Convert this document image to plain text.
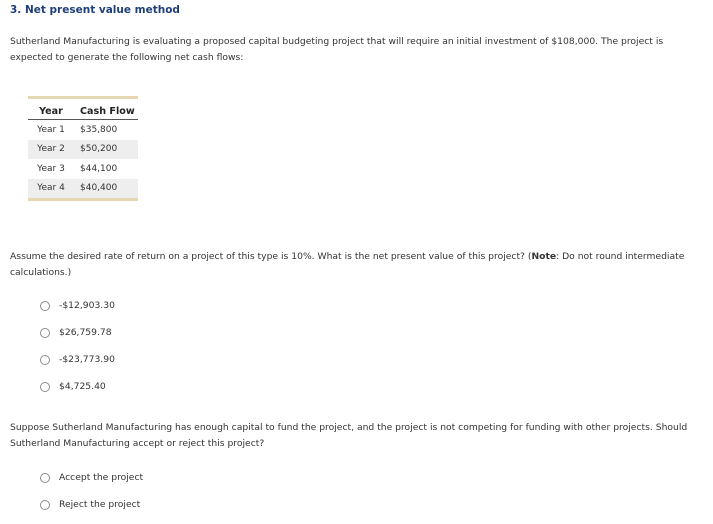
3. Net present value method
Sutherland Manufacturing is evaluating a proposed capital budgeting project that will require an initial investment of $108,000. The project is
expected to generate the following net cash flows:
Year	Cash Flow
Year 1	$35,800
Year 2	$50,200
Year 3	$44,100
Year 4	$40,400
Assume the desired rate of return on a project of this type is 10%. What is the net present value of this project? (Note: Do not round intermediate
calculations.)
-$12,903.30
$26,759.78
-$23,773.90
$4,725.40
Suppose Sutherland Manufacturing has enough capital to fund the project, and the project is not competing for funding with other projects. Should
Sutherland Manufacturing accept or reject this project?
Accept the project
Reject the project
